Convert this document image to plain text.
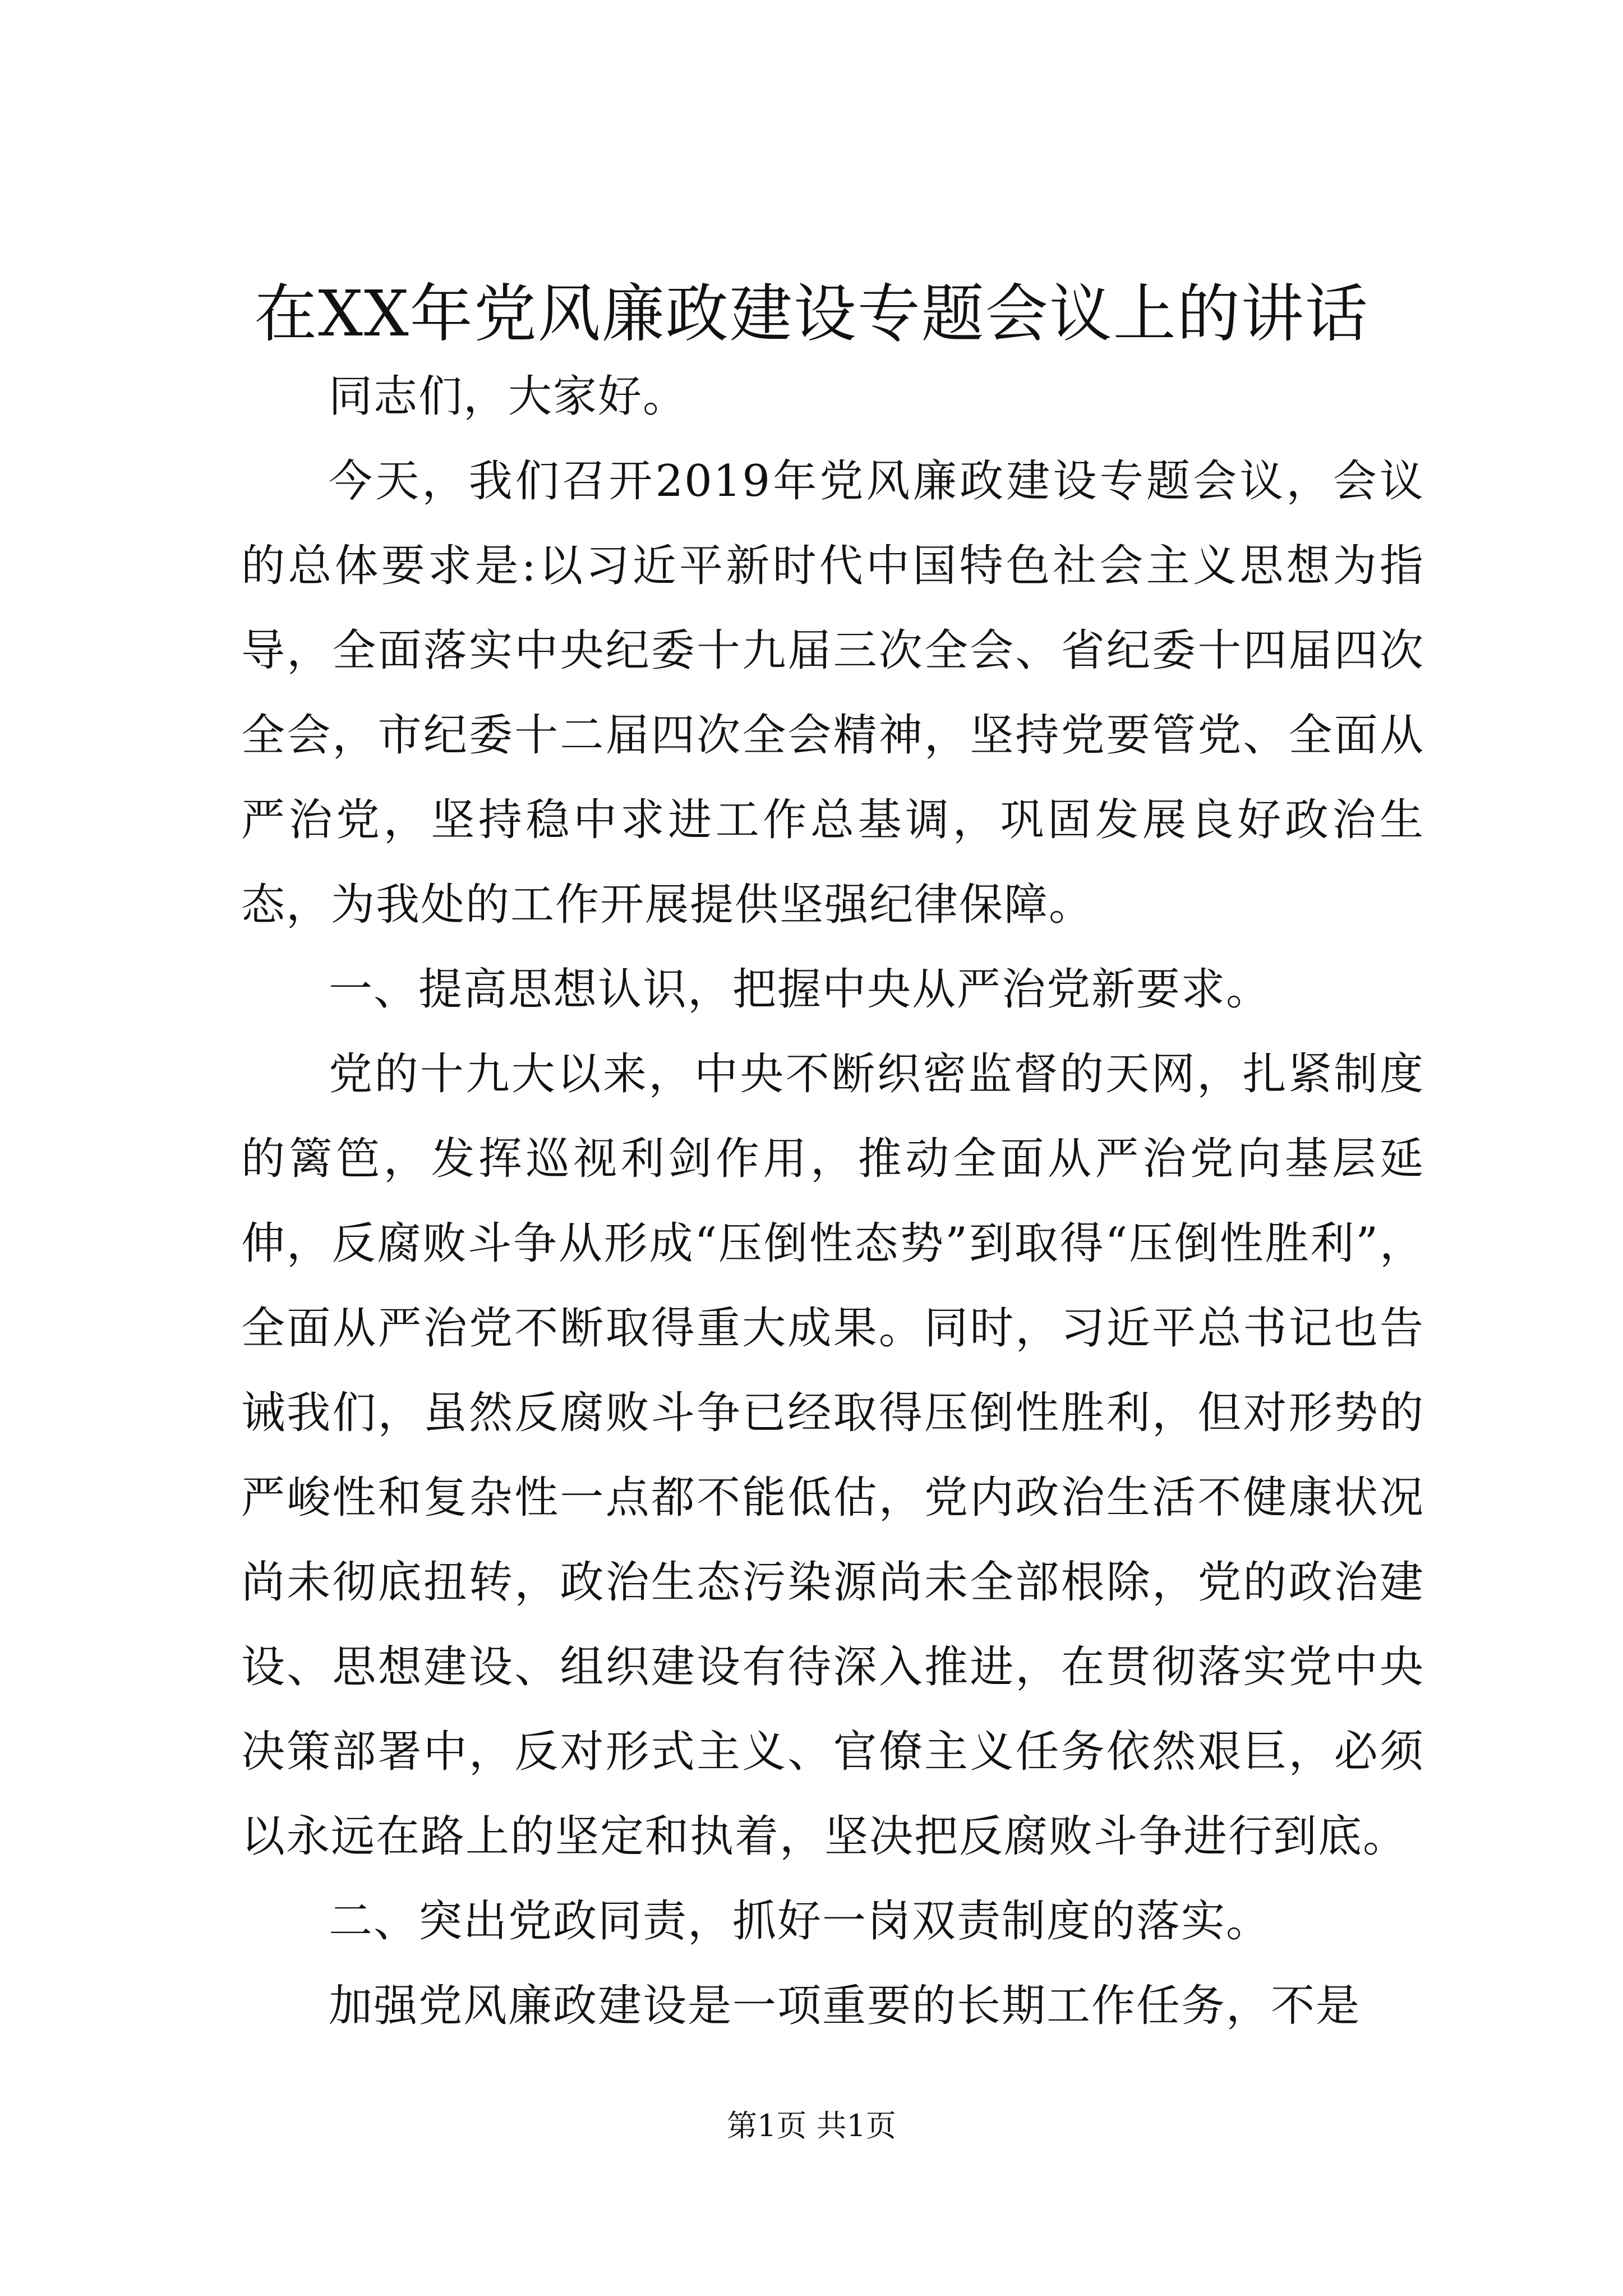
在XX年党风廉政建设专题会议上的讲话

同志们，大家好。

今天，我们召开2019年党风廉政建设专题会议，会议的总体要求是:以习近平新时代中国特色社会主义思想为指导，全面落实中央纪委十九届三次全会、省纪委十四届四次全会，市纪委十二届四次全会精神，坚持党要管党、全面从严治党，坚持稳中求进工作总基调，巩固发展良好政治生态，为我处的工作开展提供坚强纪律保障。

一、提高思想认识，把握中央从严治党新要求。

党的十九大以来，中央不断织密监督的天网，扎紧制度的篱笆，发挥巡视利剑作用，推动全面从严治党向基层延伸，反腐败斗争从形成“压倒性态势”到取得“压倒性胜利”，全面从严治党不断取得重大成果。同时，习近平总书记也告诫我们，虽然反腐败斗争已经取得压倒性胜利，但对形势的严峻性和复杂性一点都不能低估，党内政治生活不健康状况尚未彻底扭转，政治生态污染源尚未全部根除，党的政治建设、思想建设、组织建设有待深入推进，在贯彻落实党中央决策部署中，反对形式主义、官僚主义任务依然艰巨，必须以永远在路上的坚定和执着，坚决把反腐败斗争进行到底。

二、突出党政同责，抓好一岗双责制度的落实。

加强党风廉政建设是一项重要的长期工作任务，不是

第1页 共1页
